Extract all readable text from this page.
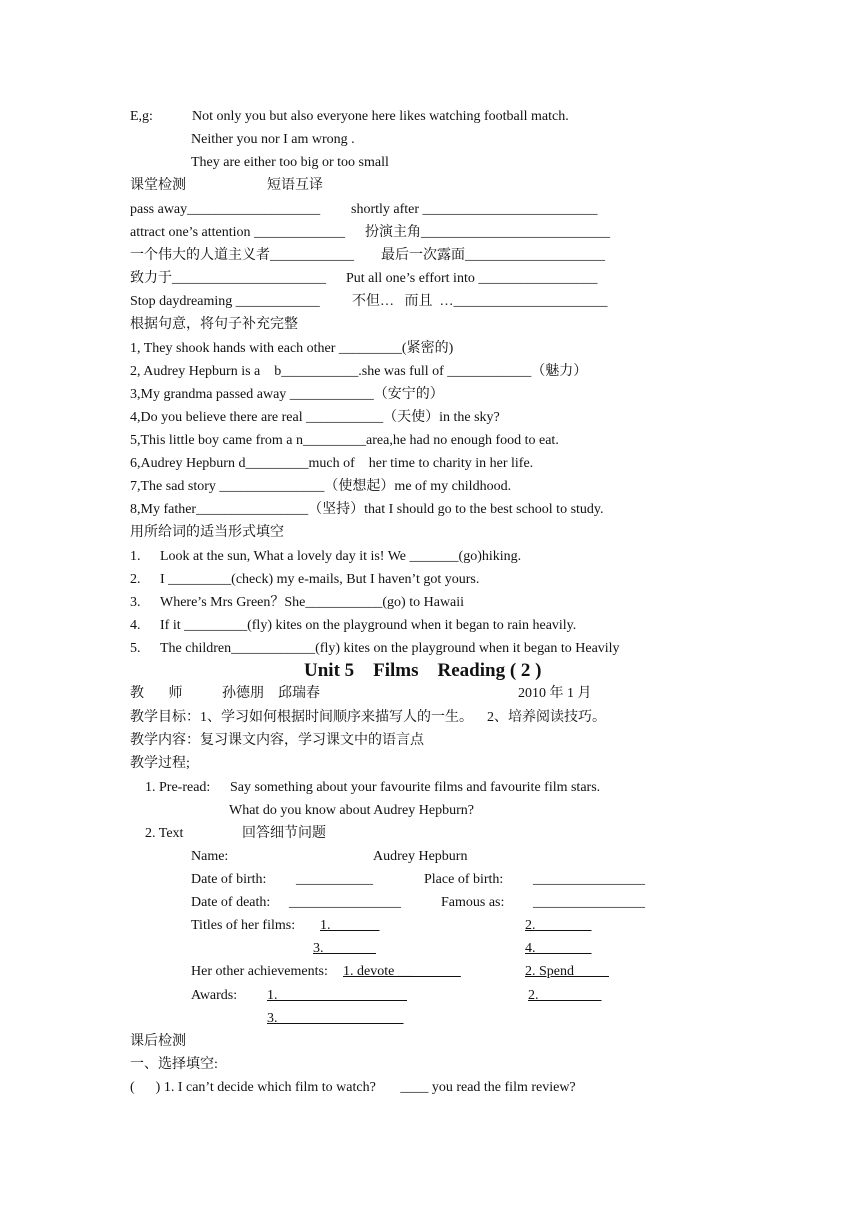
E,g:	Not only you but also everyone here likes watching football match.
Neither you nor I am wrong .
They are either too big or too small
课堂检测	短语互译
pass away___________________ shortly after _________________________
attract one’s attention _____________ 扮演主角___________________________
一个伟大的人道主义者____________ 最后一次露面____________________
致力于______________________ Put all one’s effort into _________________
Stop daydreaming ____________ 不但…   而且  …______________________
根据句意，将句子补充完整
1, They shook hands with each other _________(紧密的)
2, Audrey Hepburn is a    b___________.she was full of ____________（魅力）
3,My grandma passed away ____________（安宁的）
4,Do you believe there are real ___________（天使）in the sky?
5,This little boy came from a n_________area,he had no enough food to eat.
6,Audrey Hepburn d_________much of    her time to charity in her life.
7,The sad story _______________（使想起）me of my childhood.
8,My father________________（坚持）that I should go to the best school to study.
用所给词的适当形式填空
1. Look at the sun, What a lovely day it is! We _______(go)hiking.
2. I _________(check) my e-mails, But I haven’t got yours.
3. Where’s Mrs Green？She___________(go) to Hawaii
4. If it _________(fly) kites on the playground when it began to rain heavily.
5. The children____________(fly) kites on the playground when it began to Heavily
Unit 5    Films    Reading ( 2 )
教       师	孙德朋    邱瑞春	2010 年 1 月
教学目标：1、学习如何根据时间顺序来描写人的一生。    2、培养阅读技巧。
教学内容：复习课文内容，学习课文中的语言点
教学过程;
1. Pre-read: Say something about your favourite films and favourite film stars.
What do you know about Audrey Hepburn?
2. Text	回答细节问题
Name:	Audrey Hepburn
Date of birth: ___________	Place of birth: ________________
Date of death: ________________	Famous as: ________________
Titles of her films: 1.	2.
3.	4.
Her other achievements: 1. devote __	2. Spend
Awards: 1.	2.
3.
课后检测
一、选择填空:
(      ) 1. I can’t decide which film to watch?       ____ you read the film review?
